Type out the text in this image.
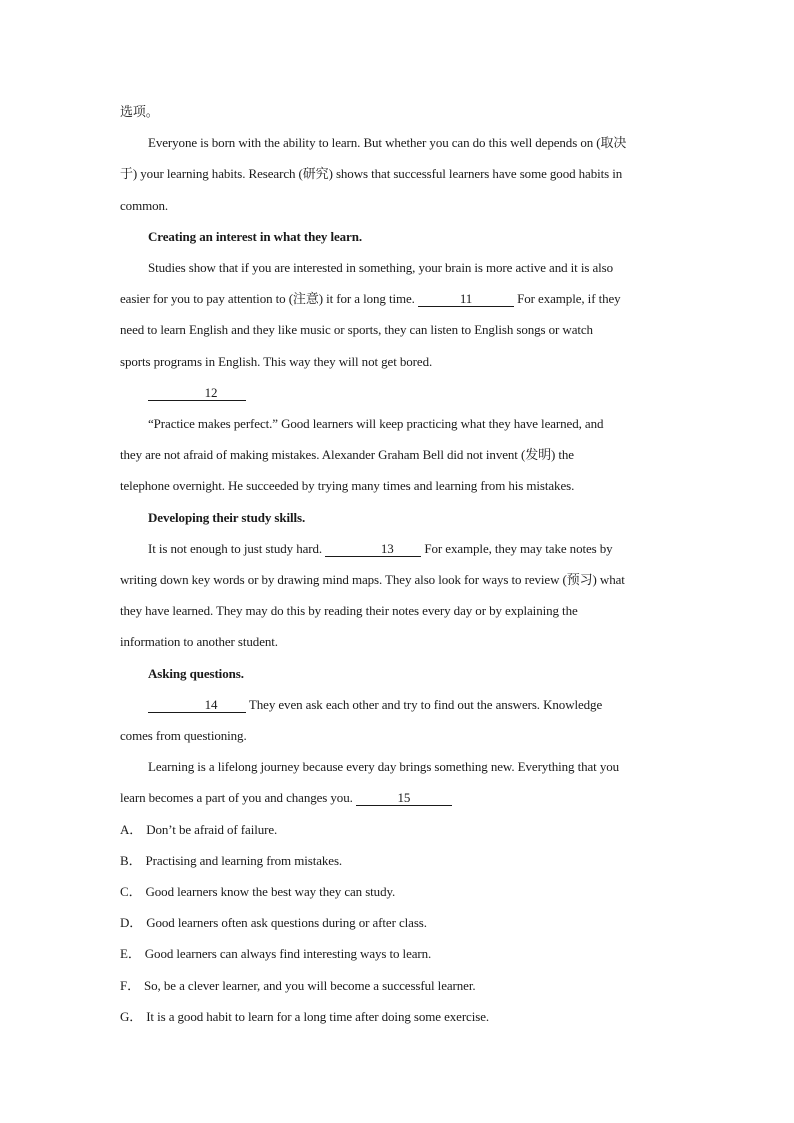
选项。

Everyone is born with the ability to learn. But whether you can do this well depends on (取决

于) your learning habits. Research (研究) shows that successful learners have some good habits in

common.

Creating an interest in what they learn.

Studies show that if you are interested in something, your brain is more active and it is also

easier for you to pay attention to (注意) it for a long time.	11	For example, if they

need to learn English and they like music or sports, they can listen to English songs or watch

sports programs in English. This way they will not get bored.

12

“Practice makes perfect.” Good learners will keep practicing what they have learned, and

they are not afraid of making mistakes. Alexander Graham Bell did not invent (发明) the

telephone overnight. He succeeded by trying many times and learning from his mistakes.

Developing their study skills.

It is not enough to just study hard.	13 For example, they may take notes by

writing down key words or by drawing mind maps. They also look for ways to review (预习) what

they have learned. They may do this by reading their notes every day or by explaining the

information to another student.

Asking questions.

14 They even ask each other and try to find out the answers. Knowledge

comes from questioning.

Learning is a lifelong journey because every day brings something new. Everything that you

learn becomes a part of you and changes you.	15

A． Don’t be afraid of failure.

B． Practising and learning from mistakes.

C． Good learners know the best way they can study.

D． Good learners often ask questions during or after class.

E． Good learners can always find interesting ways to learn.

F． So, be a clever learner, and you will become a successful learner.

G． It is a good habit to learn for a long time after doing some exercise.
